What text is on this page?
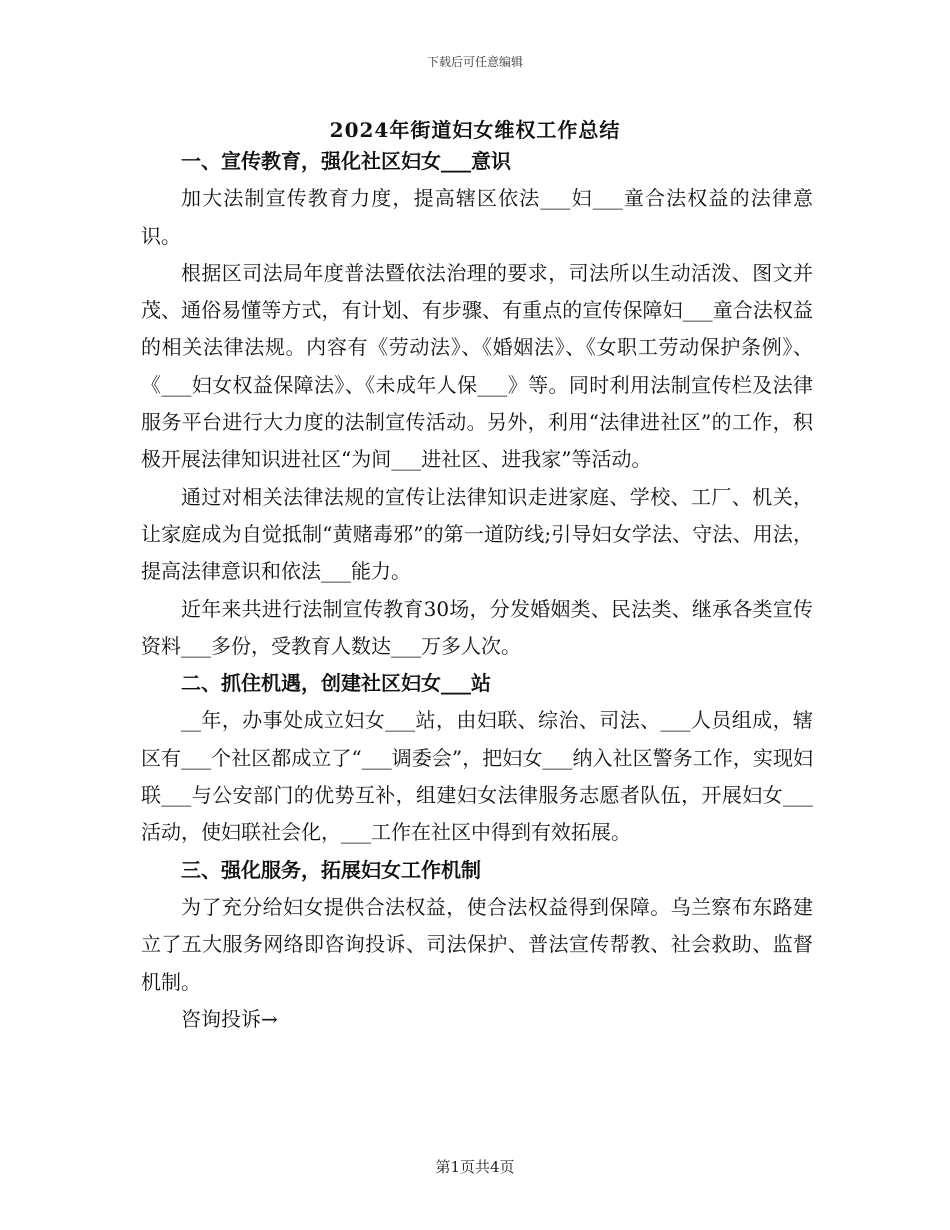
下载后可任意编辑
2024年街道妇女维权工作总结

一、宣传教育，强化社区妇女___意识

加大法制宣传教育力度，提高辖区依法___妇___童合法权益的法律意识。

根据区司法局年度普法暨依法治理的要求，司法所以生动活泼、图文并茂、通俗易懂等方式，有计划、有步骤、有重点的宣传保障妇___童合法权益的相关法律法规。内容有《劳动法》、《婚姻法》、《女职工劳动保护条例》、《___妇女权益保障法》、《未成年人保___》等。同时利用法制宣传栏及法律服务平台进行大力度的法制宣传活动。另外，利用“法律进社区”的工作，积极开展法律知识进社区“为间___进社区、进我家”等活动。

通过对相关法律法规的宣传让法律知识走进家庭、学校、工厂、机关，让家庭成为自觉抵制“黄赌毒邪”的第一道防线;引导妇女学法、守法、用法，提高法律意识和依法___能力。

近年来共进行法制宣传教育30场，分发婚姻类、民法类、继承各类宣传资料___多份，受教育人数达___万多人次。

二、抓住机遇，创建社区妇女___站

__年，办事处成立妇女___站，由妇联、综治、司法、___人员组成，辖区有___个社区都成立了“___调委会”，把妇女___纳入社区警务工作，实现妇联___与公安部门的优势互补，组建妇女法律服务志愿者队伍，开展妇女___活动，使妇联社会化，___工作在社区中得到有效拓展。

三、强化服务，拓展妇女工作机制

为了充分给妇女提供合法权益，使合法权益得到保障。乌兰察布东路建立了五大服务网络即咨询投诉、司法保护、普法宣传帮教、社会救助、监督机制。

咨询投诉→

第1页共4页
